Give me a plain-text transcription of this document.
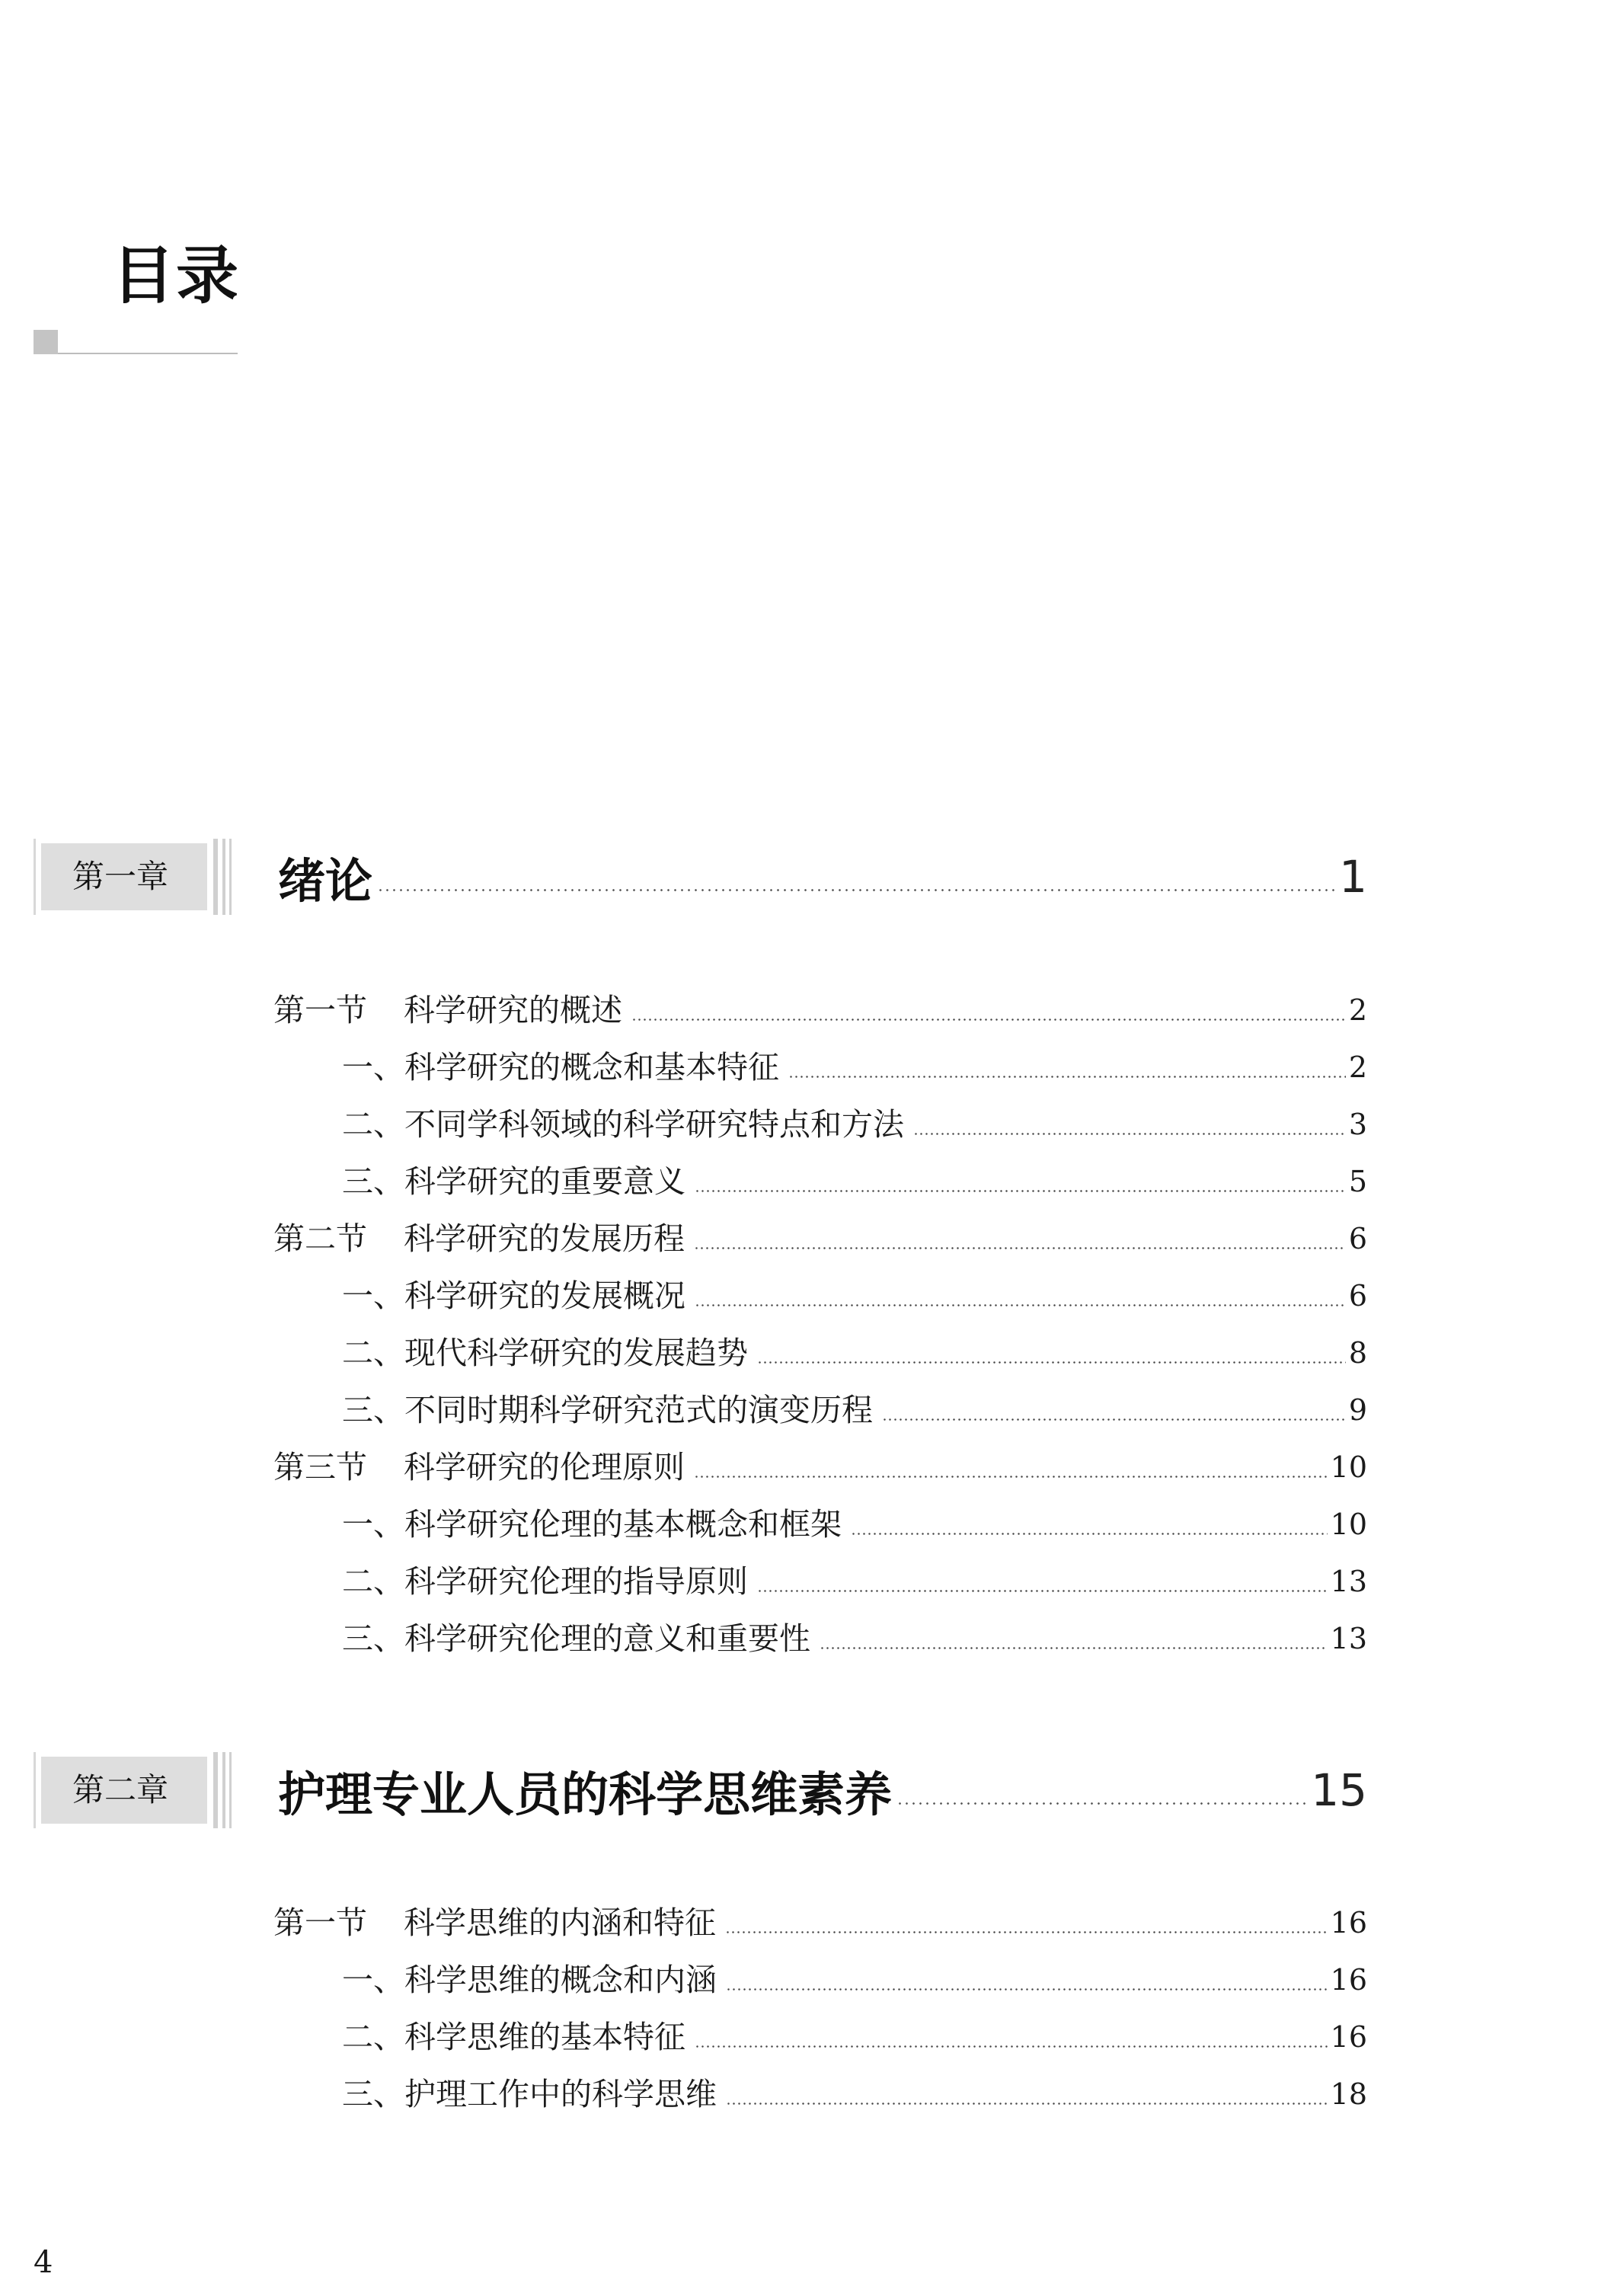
目录
第一章	绪论	1
第一节 科学研究的概述	2
一、科学研究的概念和基本特征	2
二、不同学科领域的科学研究特点和方法	3
三、科学研究的重要意义	5
第二节 科学研究的发展历程	6
一、科学研究的发展概况	6
二、现代科学研究的发展趋势	8
三、不同时期科学研究范式的演变历程	9
第三节 科学研究的伦理原则	10
一、科学研究伦理的基本概念和框架	10
二、科学研究伦理的指导原则	13
三、科学研究伦理的意义和重要性	13
第二章	护理专业人员的科学思维素养	15
第一节 科学思维的内涵和特征	16
一、科学思维的概念和内涵	16
二、科学思维的基本特征	16
三、护理工作中的科学思维	18
4
